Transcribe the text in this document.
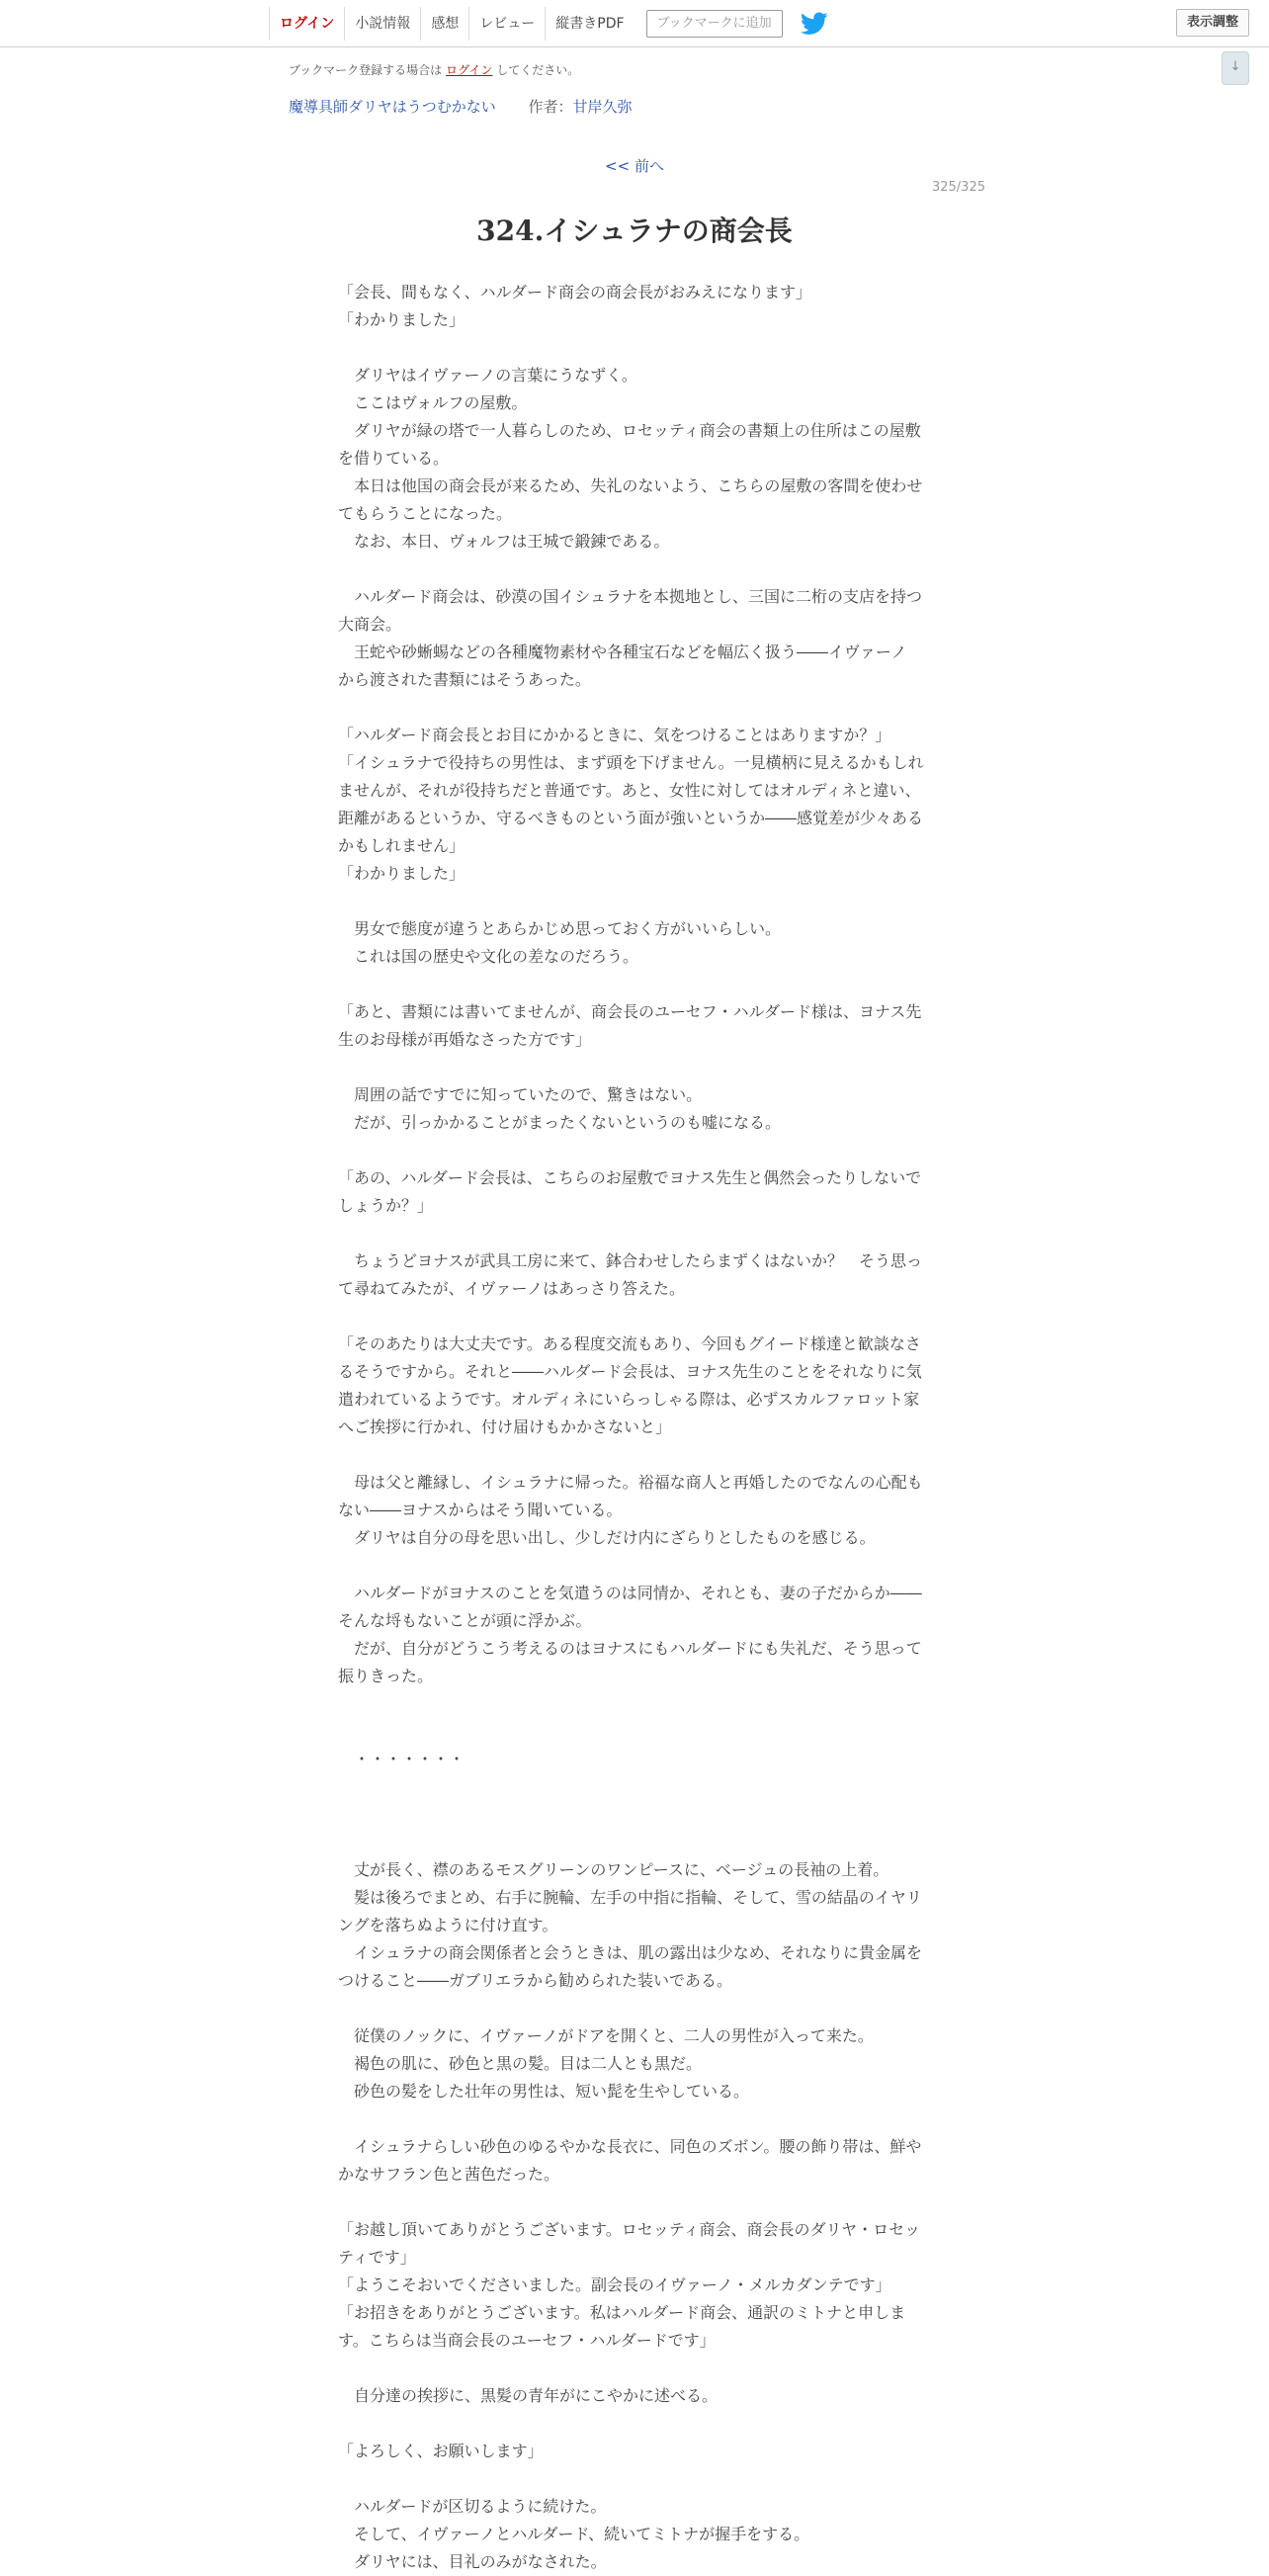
ログイン	小説情報	感想	レビュー	縦書きPDF	ブックマークに追加	表示調整
↓
ブックマーク登録する場合は ログイン してください。
魔導具師ダリヤはうつむかない 作者：甘岸久弥
<< 前へ
325/325
324.イシュラナの商会長
「会長、間もなく、ハルダード商会の商会長がおみえになります」
「わかりました」
　ダリヤはイヴァーノの言葉にうなずく。
　ここはヴォルフの屋敷。
　ダリヤが緑の塔で一人暮らしのため、ロセッティ商会の書類上の住所はこの屋敷
を借りている。
　本日は他国の商会長が来るため、失礼のないよう、こちらの屋敷の客間を使わせ
てもらうことになった。
　なお、本日、ヴォルフは王城で鍛錬である。
　ハルダード商会は、砂漠の国イシュラナを本拠地とし、三国に二桁の支店を持つ
大商会。
　王蛇や砂蜥蜴などの各種魔物素材や各種宝石などを幅広く扱う――イヴァーノ
から渡された書類にはそうあった。
「ハルダード商会長とお目にかかるときに、気をつけることはありますか？」
「イシュラナで役持ちの男性は、まず頭を下げません。一見横柄に見えるかもしれ
ませんが、それが役持ちだと普通です。あと、女性に対してはオルディネと違い、
距離があるというか、守るべきものという面が強いというか――感覚差が少々ある
かもしれません」
「わかりました」
　男女で態度が違うとあらかじめ思っておく方がいいらしい。
　これは国の歴史や文化の差なのだろう。
「あと、書類には書いてませんが、商会長のユーセフ・ハルダード様は、ヨナス先
生のお母様が再婚なさった方です」
　周囲の話ですでに知っていたので、驚きはない。
　だが、引っかかることがまったくないというのも嘘になる。
「あの、ハルダード会長は、こちらのお屋敷でヨナス先生と偶然会ったりしないで
しょうか？」
　ちょうどヨナスが武具工房に来て、鉢合わせしたらまずくはないか？　そう思っ
て尋ねてみたが、イヴァーノはあっさり答えた。
「そのあたりは大丈夫です。ある程度交流もあり、今回もグイード様達と歓談なさ
るそうですから。それと――ハルダード会長は、ヨナス先生のことをそれなりに気
遣われているようです。オルディネにいらっしゃる際は、必ずスカルファロット家
へご挨拶に行かれ、付け届けもかかさないと」
　母は父と離縁し、イシュラナに帰った。裕福な商人と再婚したのでなんの心配も
ない――ヨナスからはそう聞いている。
　ダリヤは自分の母を思い出し、少しだけ内にざらりとしたものを感じる。
　ハルダードがヨナスのことを気遣うのは同情か、それとも、妻の子だからか――
そんな埒もないことが頭に浮かぶ。
　だが、自分がどうこう考えるのはヨナスにもハルダードにも失礼だ、そう思って
振りきった。
　・・・・・・・
　丈が長く、襟のあるモスグリーンのワンピースに、ベージュの長袖の上着。
　髪は後ろでまとめ、右手に腕輪、左手の中指に指輪、そして、雪の結晶のイヤリ
ングを落ちぬように付け直す。
　イシュラナの商会関係者と会うときは、肌の露出は少なめ、それなりに貴金属を
つけること――ガブリエラから勧められた装いである。
　従僕のノックに、イヴァーノがドアを開くと、二人の男性が入って来た。
　褐色の肌に、砂色と黒の髪。目は二人とも黒だ。
　砂色の髪をした壮年の男性は、短い髭を生やしている。
　イシュラナらしい砂色のゆるやかな長衣に、同色のズボン。腰の飾り帯は、鮮や
かなサフラン色と茜色だった。
「お越し頂いてありがとうございます。ロセッティ商会、商会長のダリヤ・ロセッ
ティです」
「ようこそおいでくださいました。副会長のイヴァーノ・メルカダンテです」
「お招きをありがとうございます。私はハルダード商会、通訳のミトナと申しま
す。こちらは当商会長のユーセフ・ハルダードです」
　自分達の挨拶に、黒髪の青年がにこやかに述べる。
「よろしく、お願いします」
　ハルダードが区切るように続けた。
　そして、イヴァーノとハルダード、続いてミトナが握手をする。
　ダリヤには、目礼のみがなされた。
